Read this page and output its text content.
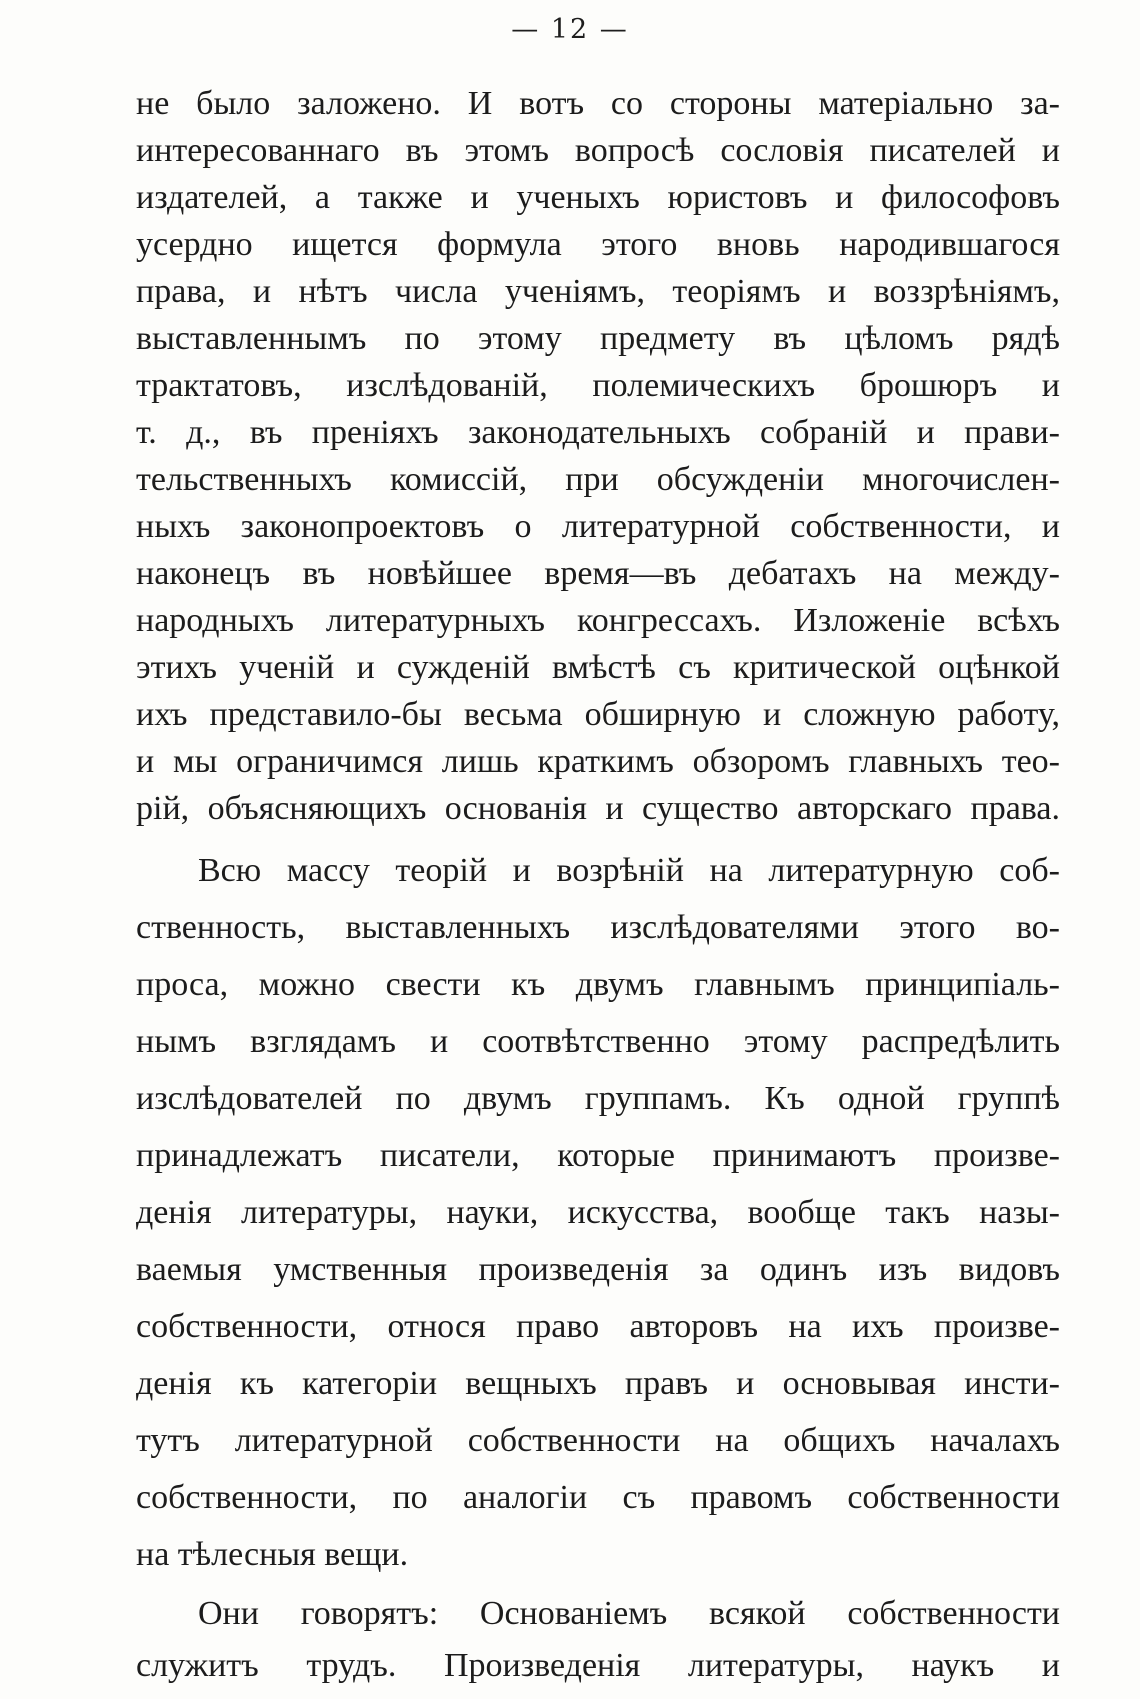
— 12 —

не было заложено. И вотъ со стороны матеріально за-

интересованнаго въ этомъ вопросѣ сословія писателей и

издателей, а также и ученыхъ юристовъ и философовъ

усердно ищется формула этого вновь народившагося

права, и нѣтъ числа ученіямъ, теоріямъ и воззрѣніямъ,

выставленнымъ по этому предмету въ цѣломъ рядѣ

трактатовъ, изслѣдованій, полемическихъ брошюръ и

т. д., въ преніяхъ законодательныхъ собраній и прави-

тельственныхъ комиссій, при обсужденіи многочислен-

ныхъ законопроектовъ о литературной собственности, и

наконецъ въ новѣйшее время—въ дебатахъ на между-

народныхъ литературныхъ конгрессахъ. Изложеніе всѣхъ

этихъ ученій и сужденій вмѣстѣ съ критической оцѣнкой

ихъ представило-бы весьма обширную и сложную работу,

и мы ограничимся лишь краткимъ обзоромъ главныхъ тео-

рій, объясняющихъ основанія и существо авторскаго права.

Всю массу теорій и возрѣній на литературную соб-

ственность, выставленныхъ изслѣдователями этого во-

проса, можно свести къ двумъ главнымъ принципіаль-

нымъ взглядамъ и соотвѣтственно этому распредѣлить

изслѣдователей по двумъ группамъ. Къ одной группѣ

принадлежатъ писатели, которые принимаютъ произве-

денія литературы, науки, искусства, вообще такъ назы-

ваемыя умственныя произведенія за одинъ изъ видовъ

собственности, относя право авторовъ на ихъ произве-

денія къ категоріи вещныхъ правъ и основывая инсти-

тутъ литературной собственности на общихъ началахъ

собственности, по аналогіи съ правомъ собственности

на тѣлесныя вещи.

Они говорятъ: Основаніемъ всякой собственности

служитъ трудъ. Произведенія литературы, наукъ и
